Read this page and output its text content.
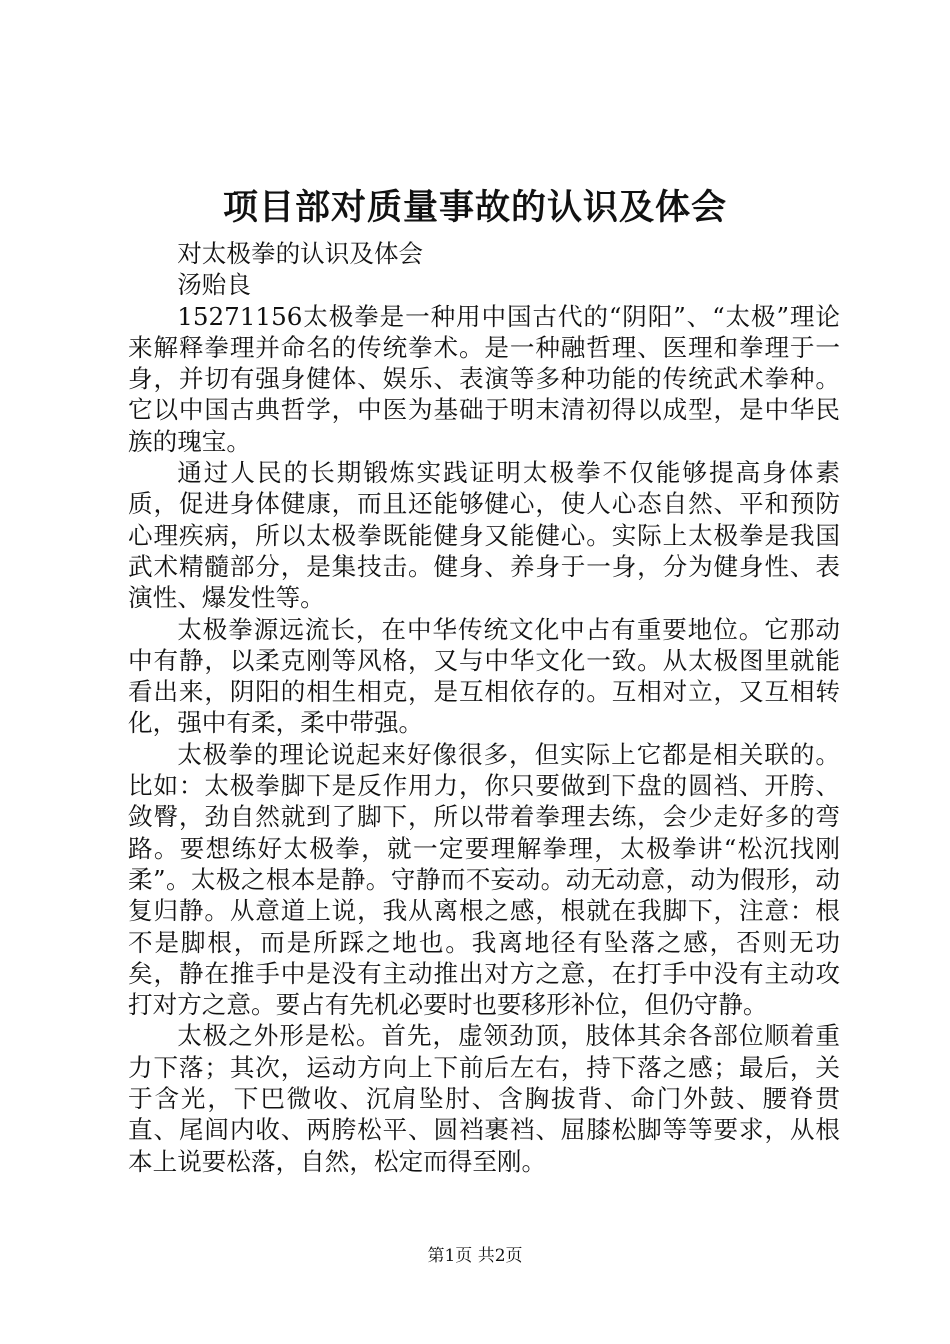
项目部对质量事故的认识及体会

对太极拳的认识及体会

汤贻良

15271156太极拳是一种用中国古代的“阴阳”、“太极”理论来解释拳理并命名的传统拳术。是一种融哲理、医理和拳理于一身，并切有强身健体、娱乐、表演等多种功能的传统武术拳种。它以中国古典哲学，中医为基础于明末清初得以成型，是中华民族的瑰宝。

通过人民的长期锻炼实践证明太极拳不仅能够提高身体素质，促进身体健康，而且还能够健心，使人心态自然、平和预防心理疾病，所以太极拳既能健身又能健心。实际上太极拳是我国武术精髓部分，是集技击。健身、养身于一身，分为健身性、表演性、爆发性等。

太极拳源远流长，在中华传统文化中占有重要地位。它那动中有静，以柔克刚等风格，又与中华文化一致。从太极图里就能看出来，阴阳的相生相克，是互相依存的。互相对立，又互相转化，强中有柔，柔中带强。

太极拳的理论说起来好像很多，但实际上它都是相关联的。比如：太极拳脚下是反作用力，你只要做到下盘的圆裆、开胯、敛臀，劲自然就到了脚下，所以带着拳理去练，会少走好多的弯路。要想练好太极拳，就一定要理解拳理，太极拳讲“松沉找刚柔”。太极之根本是静。守静而不妄动。动无动意，动为假形，动复归静。从意道上说，我从离根之感，根就在我脚下，注意：根不是脚根，而是所踩之地也。我离地径有坠落之感，否则无功矣，静在推手中是没有主动推出对方之意，在打手中没有主动攻打对方之意。要占有先机必要时也要移形补位，但仍守静。

太极之外形是松。首先，虚领劲顶，肢体其余各部位顺着重力下落；其次，运动方向上下前后左右，持下落之感；最后，关于含光，下巴微收、沉肩坠肘、含胸拔背、命门外鼓、腰脊贯直、尾闾内收、两胯松平、圆裆裹裆、屈膝松脚等等要求，从根本上说要松落，自然，松定而得至刚。

第1页 共2页
